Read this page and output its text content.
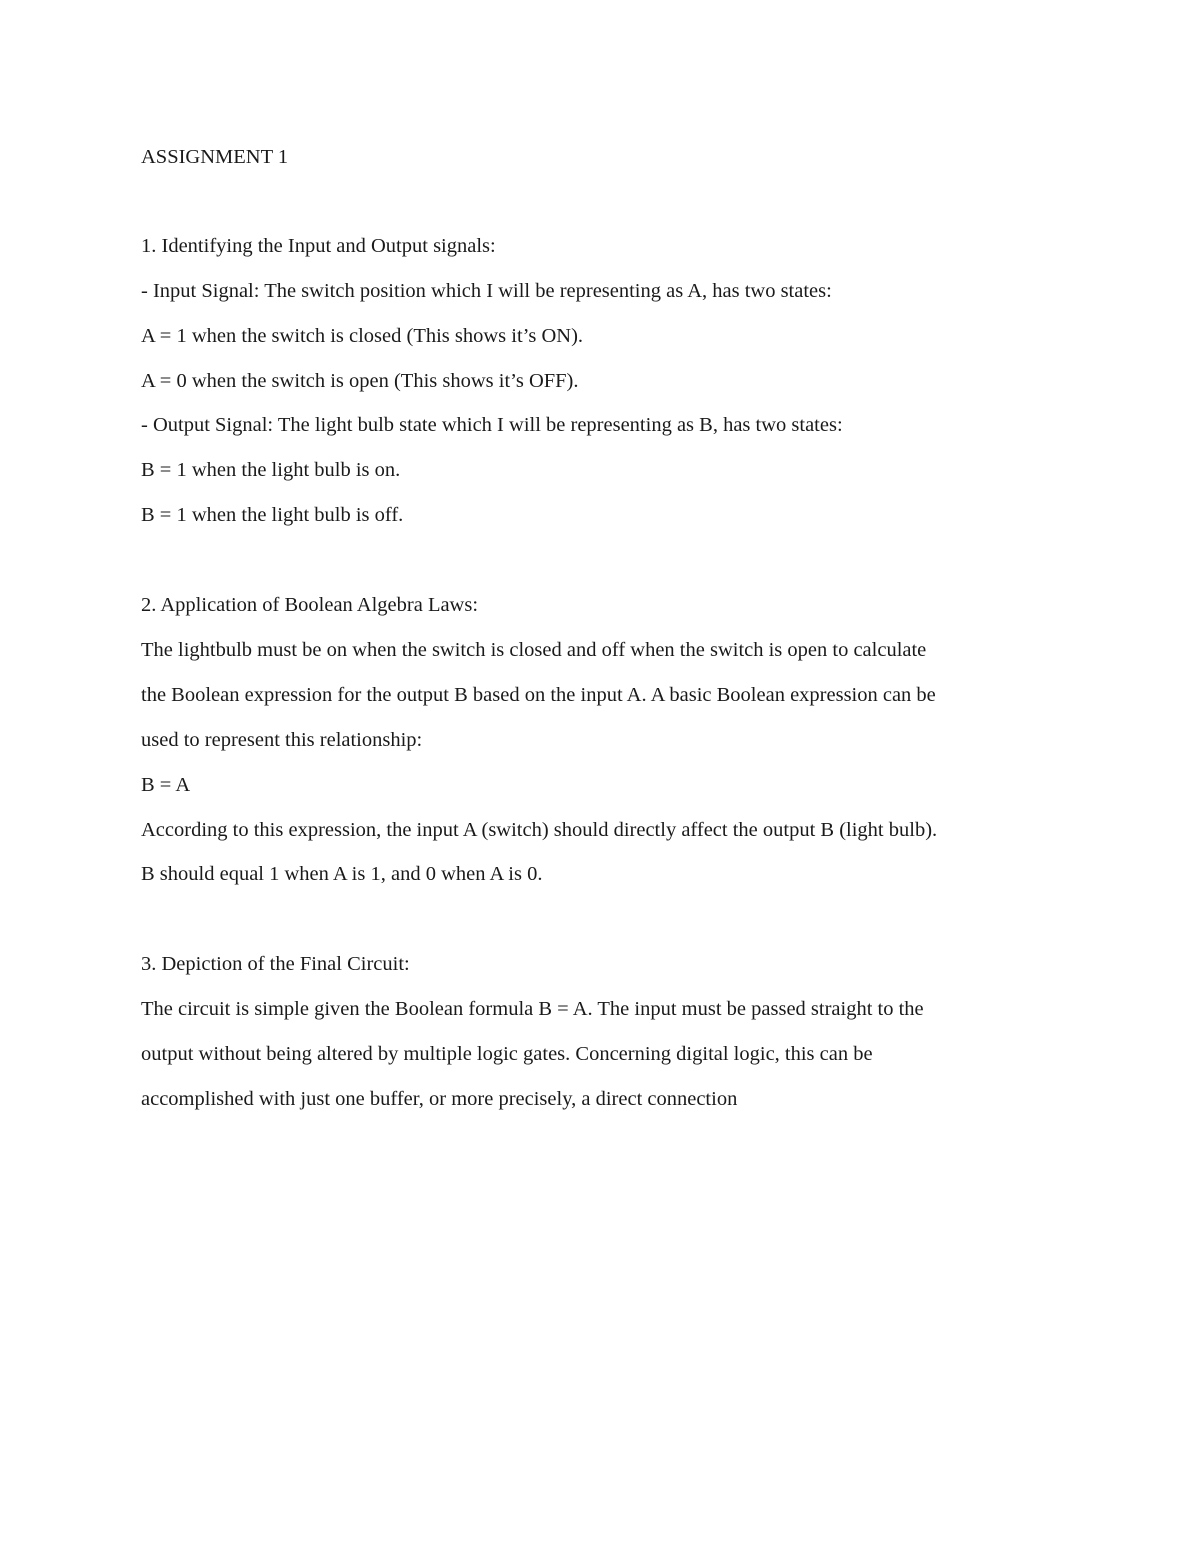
ASSIGNMENT 1

1. Identifying the Input and Output signals:

- Input Signal: The switch position which I will be representing as A, has two states:

A = 1 when the switch is closed (This shows it’s ON).

A = 0 when the switch is open (This shows it’s OFF).

- Output Signal: The light bulb state which I will be representing as B, has two states:

B = 1 when the light bulb is on.

B = 1 when the light bulb is off.

2. Application of Boolean Algebra Laws:

The lightbulb must be on when the switch is closed and off when the switch is open to calculate

the Boolean expression for the output B based on the input A. A basic Boolean expression can be

used to represent this relationship:

B = A

According to this expression, the input A (switch) should directly affect the output B (light bulb).

B should equal 1 when A is 1, and 0 when A is 0.

3. Depiction of the Final Circuit:

The circuit is simple given the Boolean formula B = A. The input must be passed straight to the

output without being altered by multiple logic gates. Concerning digital logic, this can be

accomplished with just one buffer, or more precisely, a direct connection
